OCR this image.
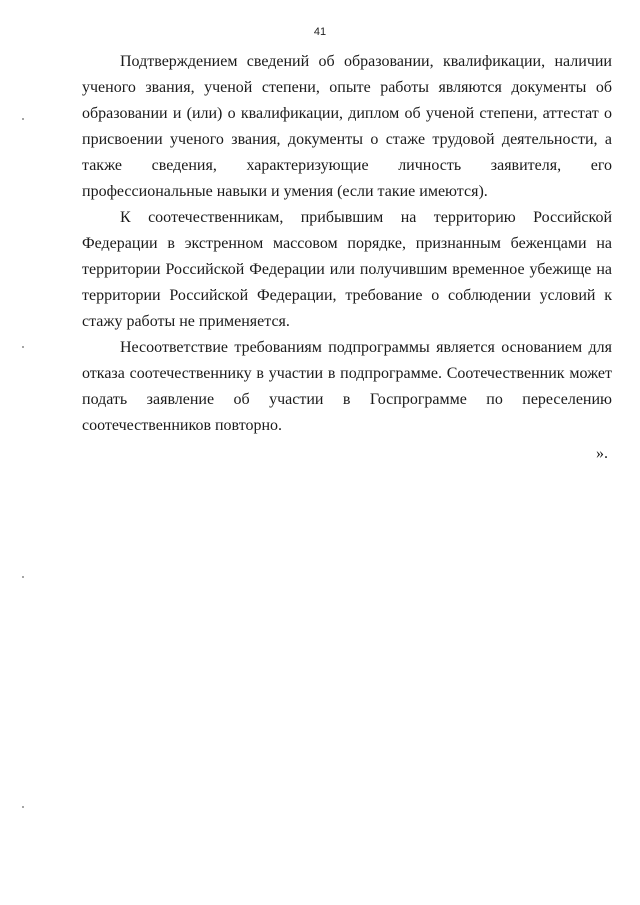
41

Подтверждением сведений об образовании, квалификации, наличии ученого звания, ученой степени, опыте работы являются документы об образовании и (или) о квалификации, диплом об ученой степени, аттестат о присвоении ученого звания, документы о стаже трудовой деятельности, а также сведения, характеризующие личность заявителя, его профессиональные навыки и умения (если такие имеются).

К соотечественникам, прибывшим на территорию Российской Федерации в экстренном массовом порядке, признанным беженцами на территории Российской Федерации или получившим временное убежище на территории Российской Федерации, требование о соблюдении условий к стажу работы не применяется.

Несоответствие требованиям подпрограммы является основанием для отказа соотечественнику в участии в подпрограмме. Соотечественник может подать заявление об участии в Госпрограмме по переселению соотечественников повторно.

».
